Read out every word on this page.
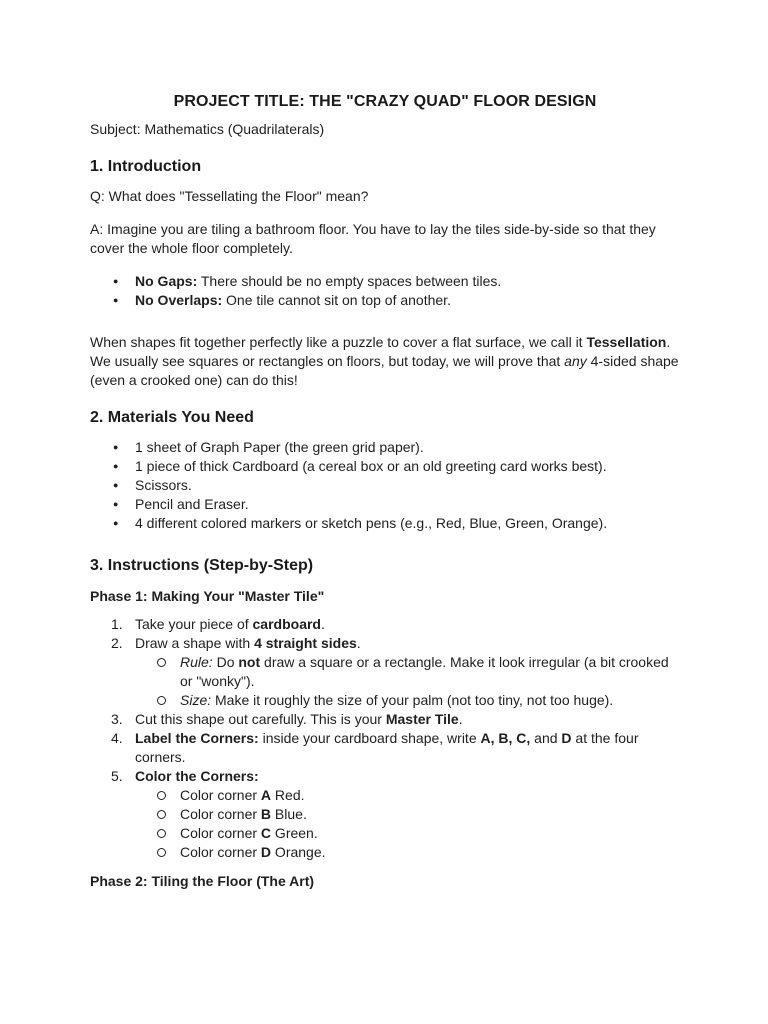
PROJECT TITLE: THE "CRAZY QUAD" FLOOR DESIGN

Subject: Mathematics (Quadrilaterals)

1. Introduction

Q: What does "Tessellating the Floor" mean?

A: Imagine you are tiling a bathroom floor. You have to lay the tiles side-by-side so that they cover the whole floor completely.

● No Gaps: There should be no empty spaces between tiles.
● No Overlaps: One tile cannot sit on top of another.

When shapes fit together perfectly like a puzzle to cover a flat surface, we call it Tessellation. We usually see squares or rectangles on floors, but today, we will prove that any 4-sided shape (even a crooked one) can do this!

2. Materials You Need
● 1 sheet of Graph Paper (the green grid paper).
● 1 piece of thick Cardboard (a cereal box or an old greeting card works best).
● Scissors.
● Pencil and Eraser.
● 4 different colored markers or sketch pens (e.g., Red, Blue, Green, Orange).
3. Instructions (Step-by-Step)
Phase 1: Making Your "Master Tile"
1. Take your piece of cardboard.
2. Draw a shape with 4 straight sides.
Rule: Do not draw a square or a rectangle. Make it look irregular (a bit crooked or "wonky").
Size: Make it roughly the size of your palm (not too tiny, not too huge).
3. Cut this shape out carefully. This is your Master Tile.
4. Label the Corners: inside your cardboard shape, write A, B, C, and D at the four corners.
5. Color the Corners:
Color corner A Red.
Color corner B Blue.
Color corner C Green.
Color corner D Orange.
Phase 2: Tiling the Floor (The Art)
